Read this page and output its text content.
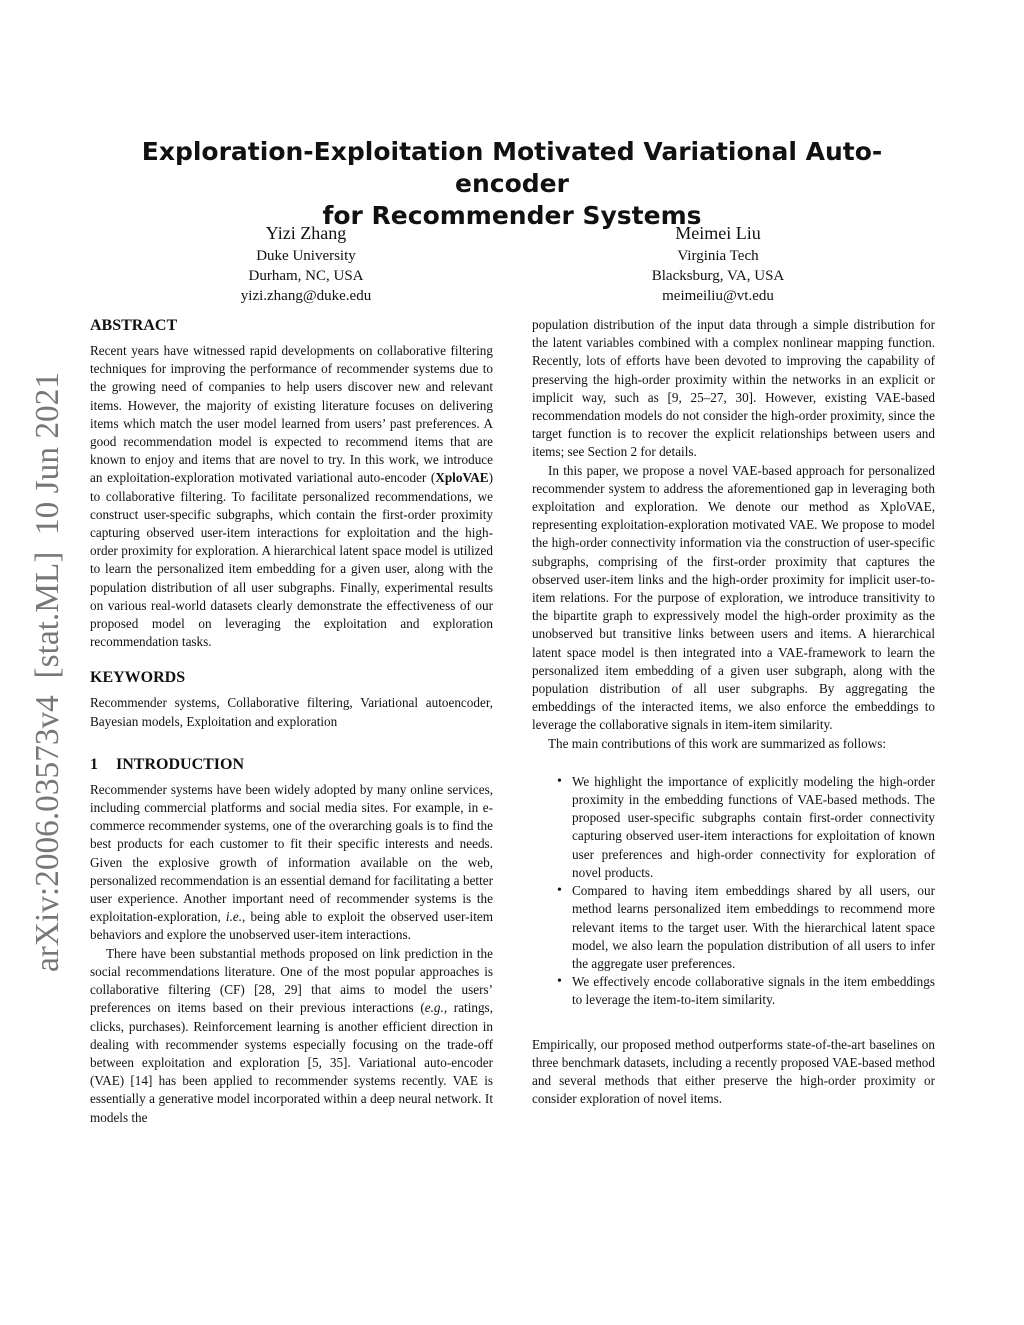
arXiv:2006.03573v4  [stat.ML]  10 Jun 2021
Exploration-Exploitation Motivated Variational Auto-encoder
for Recommender Systems
Yizi Zhang
Duke University
Durham, NC, USA
yizi.zhang@duke.edu
Meimei Liu
Virginia Tech
Blacksburg, VA, USA
meimeiliu@vt.edu
ABSTRACT

Recent years have witnessed rapid developments on collaborative filtering techniques for improving the performance of recommender systems due to the growing need of companies to help users discover new and relevant items. However, the majority of existing literature focuses on delivering items which match the user model learned from users’ past preferences. A good recommendation model is expected to recommend items that are known to enjoy and items that are novel to try. In this work, we introduce an exploitation-exploration motivated variational auto-encoder (XploVAE) to collaborative filtering. To facilitate personalized recommendations, we construct user-specific subgraphs, which contain the first-order proximity capturing observed user-item interactions for exploitation and the high-order proximity for exploration. A hierarchical latent space model is utilized to learn the personalized item embedding for a given user, along with the population distribution of all user subgraphs. Finally, experimental results on various real-world datasets clearly demonstrate the effectiveness of our proposed model on leveraging the exploitation and exploration recommendation tasks.

KEYWORDS

Recommender systems, Collaborative filtering, Variational autoencoder, Bayesian models, Exploitation and exploration

1 INTRODUCTION

Recommender systems have been widely adopted by many online services, including commercial platforms and social media sites. For example, in e-commerce recommender systems, one of the overarching goals is to find the best products for each customer to fit their specific interests and needs. Given the explosive growth of information available on the web, personalized recommendation is an essential demand for facilitating a better user experience. Another important need of recommender systems is the exploitation-exploration, i.e., being able to exploit the observed user-item behaviors and explore the unobserved user-item interactions.

There have been substantial methods proposed on link prediction in the social recommendations literature. One of the most popular approaches is collaborative filtering (CF) [28, 29] that aims to model the users’ preferences on items based on their previous interactions (e.g., ratings, clicks, purchases). Reinforcement learning is another efficient direction in dealing with recommender systems especially focusing on the trade-off between exploitation and exploration [5, 35]. Variational auto-encoder (VAE) [14] has been applied to recommender systems recently. VAE is essentially a generative model incorporated within a deep neural network. It models the

population distribution of the input data through a simple distribution for the latent variables combined with a complex nonlinear mapping function. Recently, lots of efforts have been devoted to improving the capability of preserving the high-order proximity within the networks in an explicit or implicit way, such as [9, 25–27, 30]. However, existing VAE-based recommendation models do not consider the high-order proximity, since the target function is to recover the explicit relationships between users and items; see Section 2 for details.

In this paper, we propose a novel VAE-based approach for personalized recommender system to address the aforementioned gap in leveraging both exploitation and exploration. We denote our method as XploVAE, representing exploitation-exploration motivated VAE. We propose to model the high-order connectivity information via the construction of user-specific subgraphs, comprising of the first-order proximity that captures the observed user-item links and the high-order proximity for implicit user-to-item relations. For the purpose of exploration, we introduce transitivity to the bipartite graph to expressively model the high-order proximity as the unobserved but transitive links between users and items. A hierarchical latent space model is then integrated into a VAE-framework to learn the personalized item embedding of a given user subgraph, along with the population distribution of all user subgraphs. By aggregating the embeddings of the interacted items, we also enforce the embeddings to leverage the collaborative signals in item-item similarity.

The main contributions of this work are summarized as follows:

• We highlight the importance of explicitly modeling the high-order proximity in the embedding functions of VAE-based methods. The proposed user-specific subgraphs contain first-order connectivity capturing observed user-item interactions for exploitation of known user preferences and high-order connectivity for exploration of novel products.
• Compared to having item embeddings shared by all users, our method learns personalized item embeddings to recommend more relevant items to the target user. With the hierarchical latent space model, we also learn the population distribution of all users to infer the aggregate user preferences.
• We effectively encode collaborative signals in the item embeddings to leverage the item-to-item similarity.

Empirically, our proposed method outperforms state-of-the-art baselines on three benchmark datasets, including a recently proposed VAE-based method and several methods that either preserve the high-order proximity or consider exploration of novel items.
